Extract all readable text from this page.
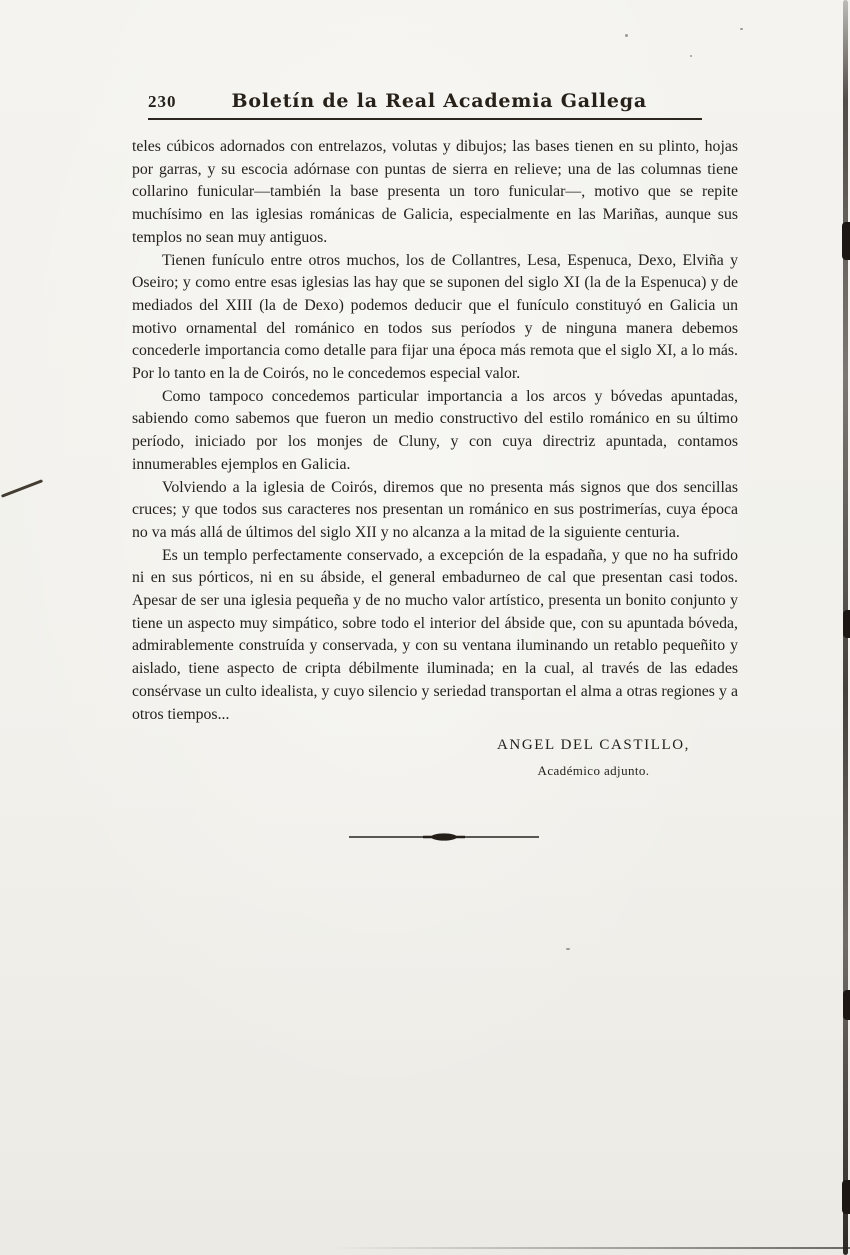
230	Boletín de la Real Academia Gallega

teles cúbicos adornados con entrelazos, volutas y dibujos; las bases tienen en su plinto, hojas por garras, y su escocia adórnase con puntas de sierra en relieve; una de las columnas tiene collarino funicular—también la base presenta un toro funicular—, motivo que se repite muchísimo en las iglesias románicas de Galicia, especialmente en las Mariñas, aunque sus templos no sean muy antiguos.

Tienen funículo entre otros muchos, los de Collantres, Lesa, Espenuca, Dexo, Elviña y Oseiro; y como entre esas iglesias las hay que se suponen del siglo XI (la de la Espenuca) y de mediados del XIII (la de Dexo) podemos deducir que el funículo constituyó en Galicia un motivo ornamental del románico en todos sus períodos y de ninguna manera debemos concederle importancia como detalle para fijar una época más remota que el siglo XI, a lo más. Por lo tanto en la de Coirós, no le concedemos especial valor.

Como tampoco concedemos particular importancia a los arcos y bóvedas apuntadas, sabiendo como sabemos que fueron un medio constructivo del estilo románico en su último período, iniciado por los monjes de Cluny, y con cuya directriz apuntada, contamos innumerables ejemplos en Galicia.

Volviendo a la iglesia de Coirós, diremos que no presenta más signos que dos sencillas cruces; y que todos sus caracteres nos presentan un románico en sus postrimerías, cuya época no va más allá de últimos del siglo XII y no alcanza a la mitad de la siguiente centuria.

Es un templo perfectamente conservado, a excepción de la espadaña, y que no ha sufrido ni en sus pórticos, ni en su ábside, el general embadurneo de cal que presentan casi todos. Apesar de ser una iglesia pequeña y de no mucho valor artístico, presenta un bonito conjunto y tiene un aspecto muy simpático, sobre todo el interior del ábside que, con su apuntada bóveda, admirablemente construída y conservada, y con su ventana iluminando un retablo pequeñito y aislado, tiene aspecto de cripta débilmente iluminada; en la cual, al través de las edades consérvase un culto idealista, y cuyo silencio y seriedad transportan el alma a otras regiones y a otros tiempos...

ANGEL DEL CASTILLO,
Académico adjunto.
